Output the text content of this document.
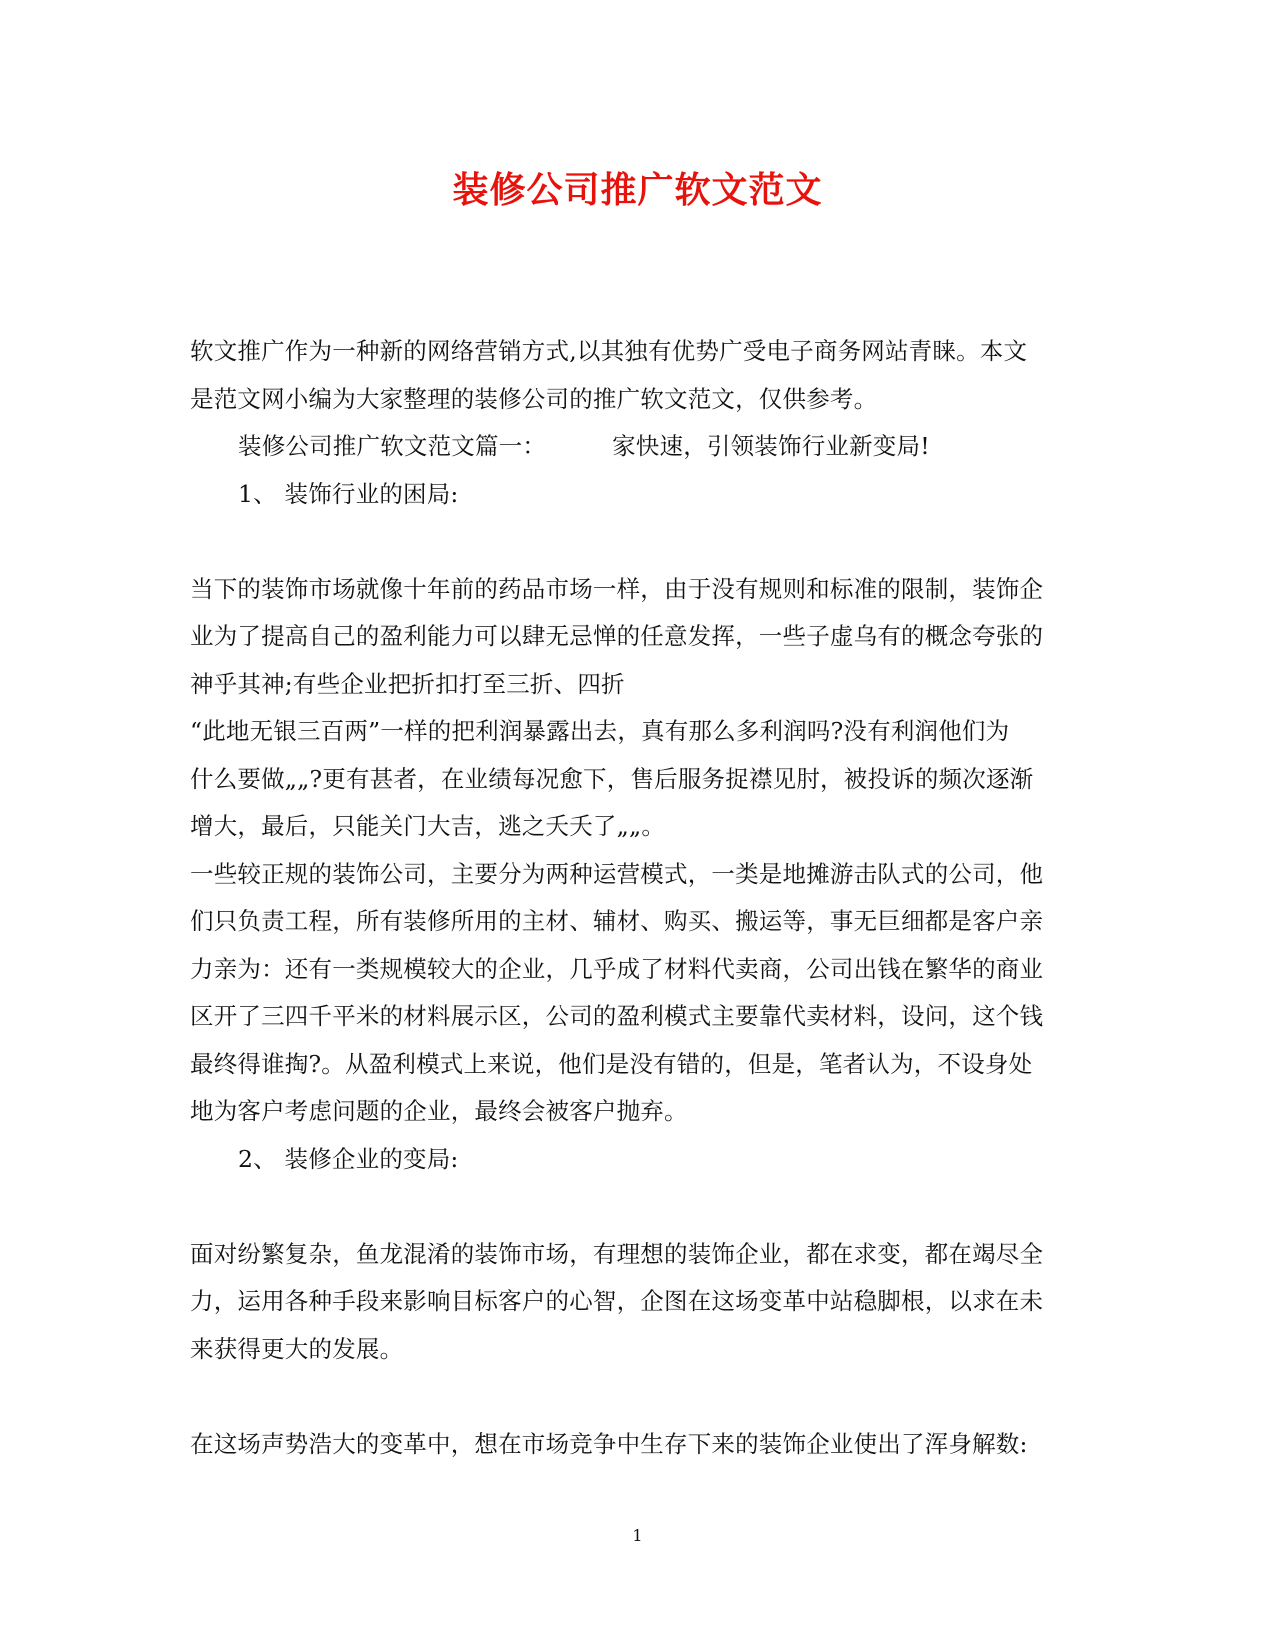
装修公司推广软文范文
软文推广作为一种新的网络营销方式,以其独有优势广受电子商务网站青睐。本文
是范文网小编为大家整理的装修公司的推广软文范文，仅供参考。
装修公司推广软文范文篇一：	家快速，引领装饰行业新变局!
1、 装饰行业的困局:
当下的装饰市场就像十年前的药品市场一样，由于没有规则和标准的限制，装饰企
业为了提高自己的盈利能力可以肆无忌惮的任意发挥，一些子虚乌有的概念夸张的
神乎其神;有些企业把折扣打至三折、四折
“此地无银三百两”一样的把利润暴露出去，真有那么多利润吗?没有利润他们为
什么要做„„?更有甚者，在业绩每况愈下，售后服务捉襟见肘，被投诉的频次逐渐
增大，最后，只能关门大吉，逃之夭夭了„„。
一些较正规的装饰公司，主要分为两种运营模式，一类是地摊游击队式的公司，他
们只负责工程，所有装修所用的主材、辅材、购买、搬运等，事无巨细都是客户亲
力亲为：还有一类规模较大的企业，几乎成了材料代卖商，公司出钱在繁华的商业
区开了三四千平米的材料展示区，公司的盈利模式主要靠代卖材料，设问，这个钱
最终得谁掏?。从盈利模式上来说，他们是没有错的，但是，笔者认为，不设身处
地为客户考虑问题的企业，最终会被客户抛弃。
2、 装修企业的变局:
面对纷繁复杂，鱼龙混淆的装饰市场，有理想的装饰企业，都在求变，都在竭尽全
力，运用各种手段来影响目标客户的心智，企图在这场变革中站稳脚根，以求在未
来获得更大的发展。
在这场声势浩大的变革中，想在市场竞争中生存下来的装饰企业使出了浑身解数:
1
